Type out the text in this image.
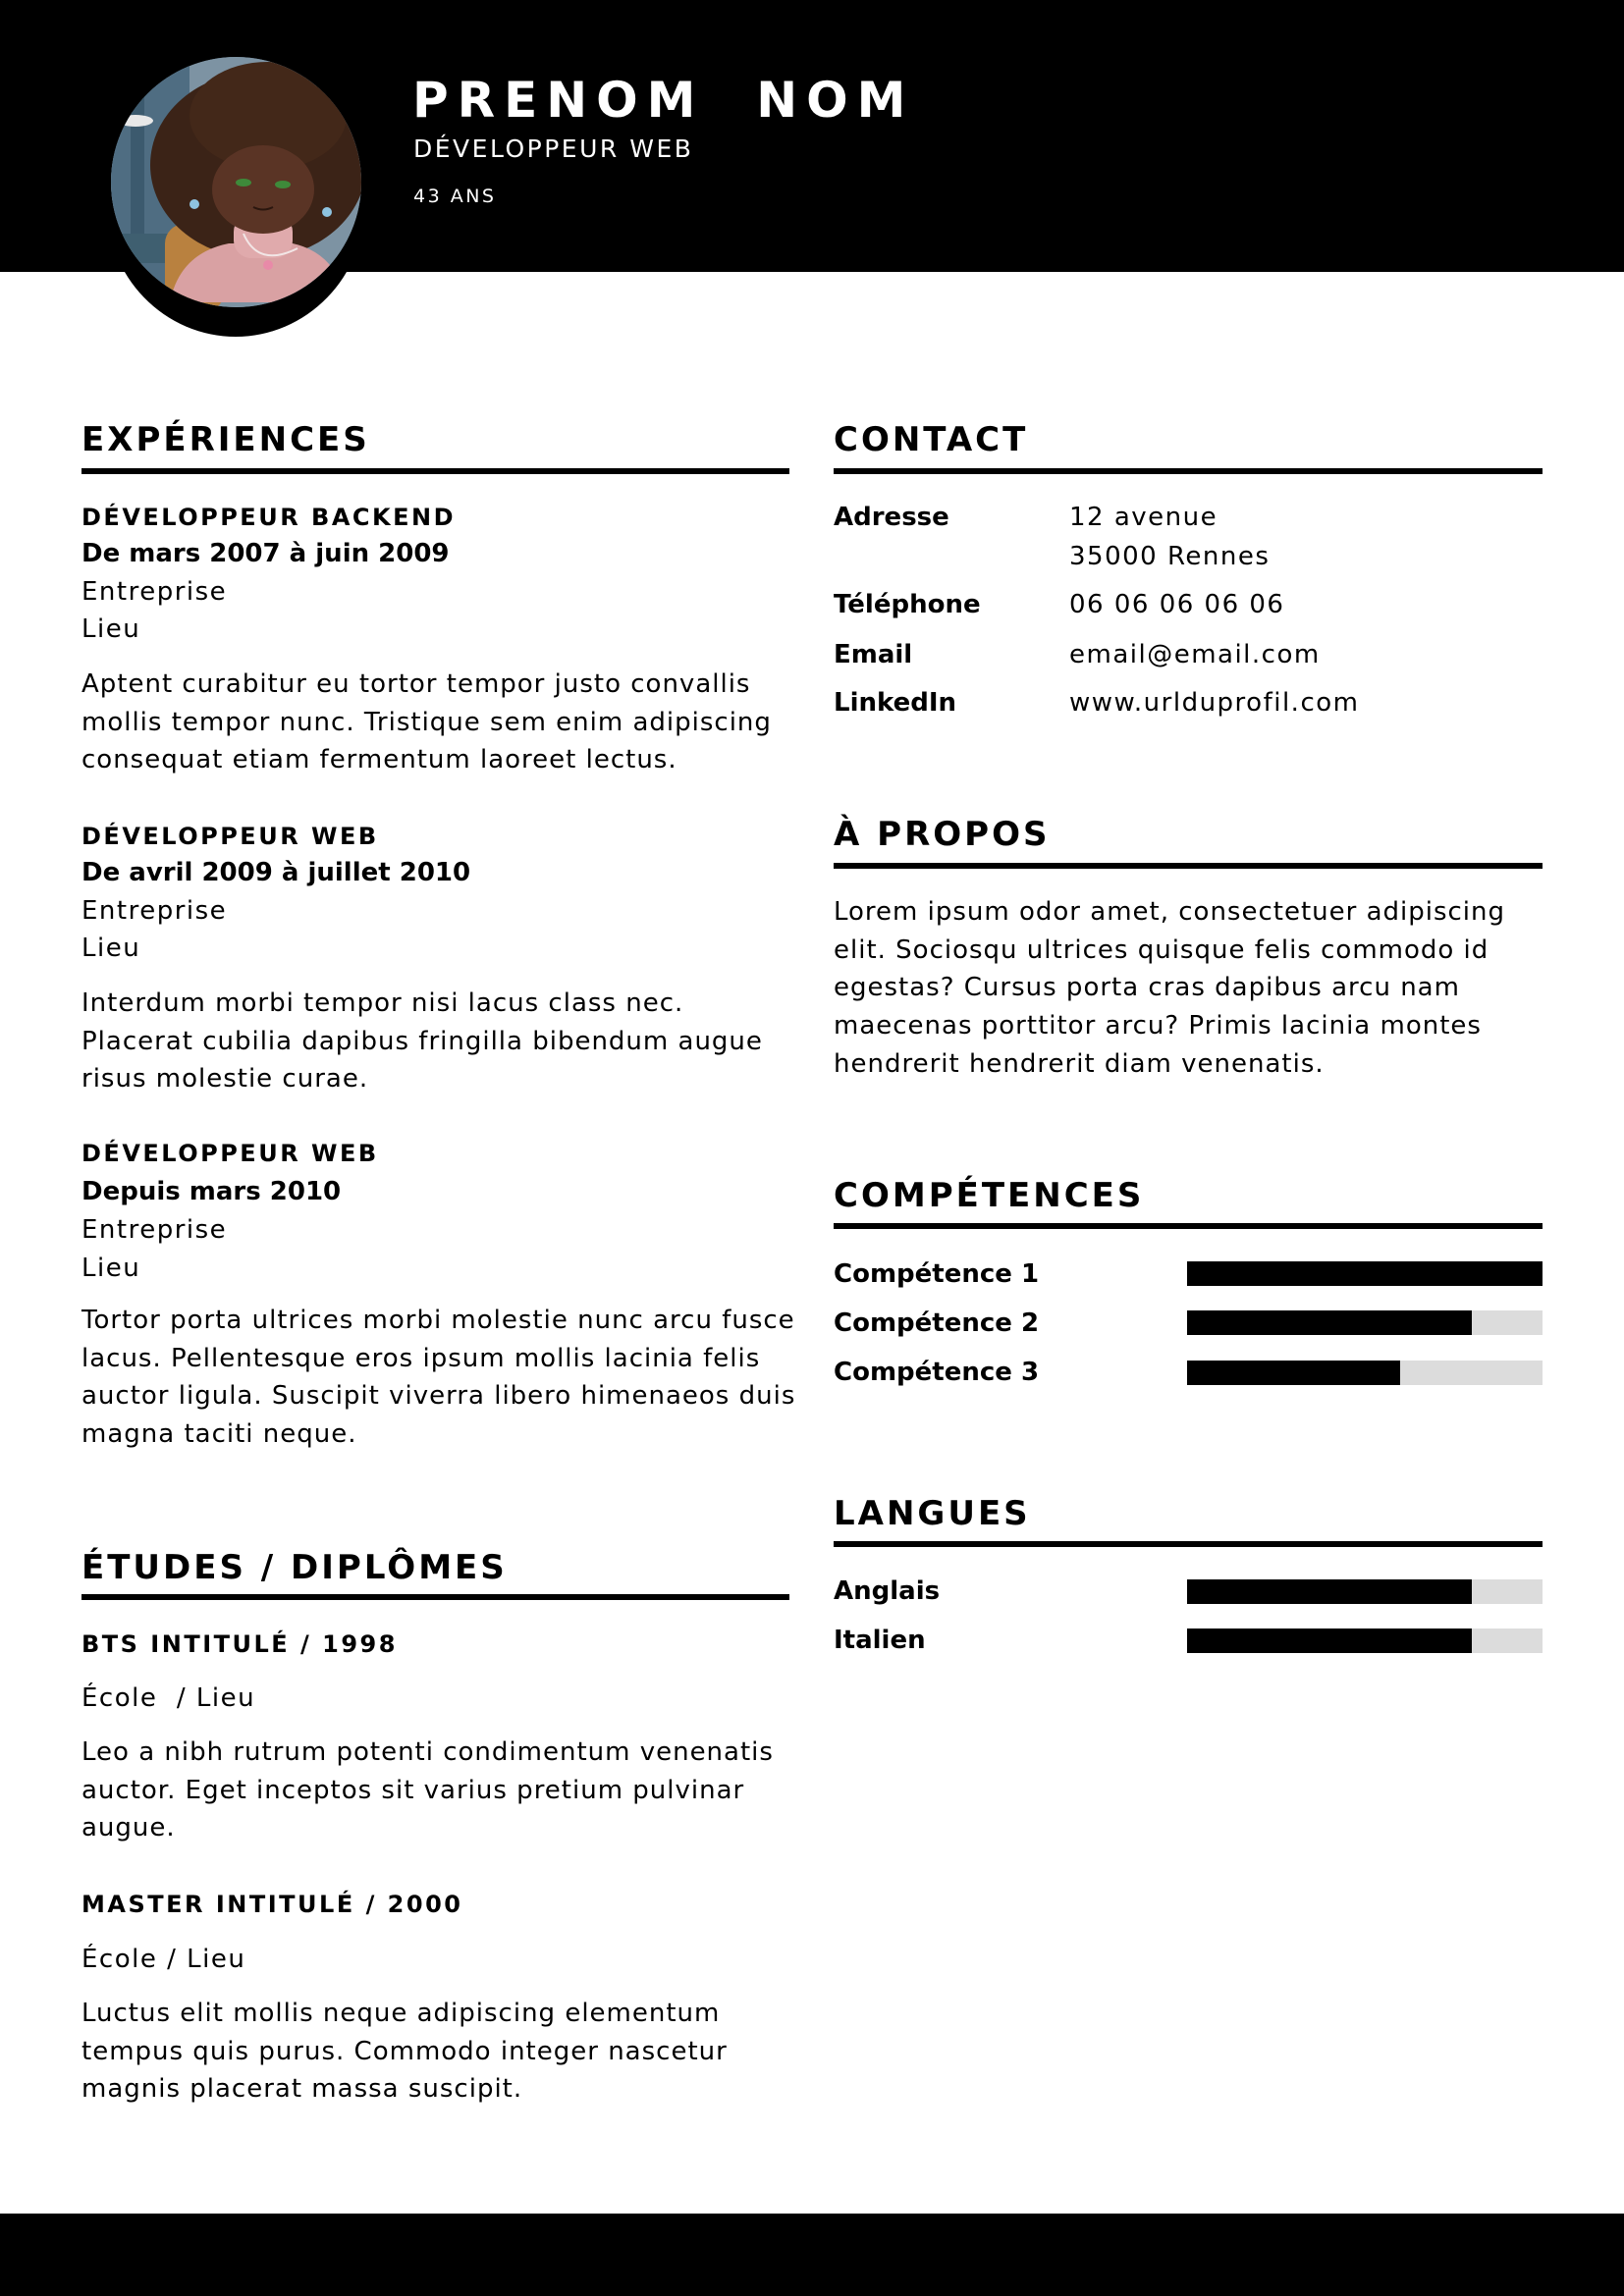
PRENOM  NOM
DÉVELOPPEUR WEB
43 ANS
EXPÉRIENCES
DÉVELOPPEUR BACKEND
De mars 2007 à juin 2009
Entreprise
Lieu
Aptent curabitur eu tortor tempor justo convallis mollis tempor nunc. Tristique sem enim adipiscing consequat etiam fermentum laoreet lectus.
DÉVELOPPEUR WEB
De avril 2009 à juillet 2010
Entreprise
Lieu
Interdum morbi tempor nisi lacus class nec. Placerat cubilia dapibus fringilla bibendum augue risus molestie curae.
DÉVELOPPEUR WEB
Depuis mars 2010
Entreprise
Lieu
Tortor porta ultrices morbi molestie nunc arcu fusce lacus. Pellentesque eros ipsum mollis lacinia felis auctor ligula. Suscipit viverra libero himenaeos duis magna taciti neque.
ÉTUDES / DIPLÔMES
BTS INTITULÉ / 1998
École  / Lieu
Leo a nibh rutrum potenti condimentum venenatis auctor. Eget inceptos sit varius pretium pulvinar augue.
MASTER INTITULÉ / 2000
École / Lieu
Luctus elit mollis neque adipiscing elementum tempus quis purus. Commodo integer nascetur magnis placerat massa suscipit.
CONTACT
Adresse	12 avenue
35000 Rennes
Téléphone	06 06 06 06 06
Email	email@email.com
LinkedIn	www.urlduprofil.com
À PROPOS
Lorem ipsum odor amet, consectetuer adipiscing elit. Sociosqu ultrices quisque felis commodo id egestas? Cursus porta cras dapibus arcu nam maecenas porttitor arcu? Primis lacinia montes hendrerit hendrerit diam venenatis.
COMPÉTENCES
Compétence 1
Compétence 2
Compétence 3
LANGUES
Anglais
Italien
